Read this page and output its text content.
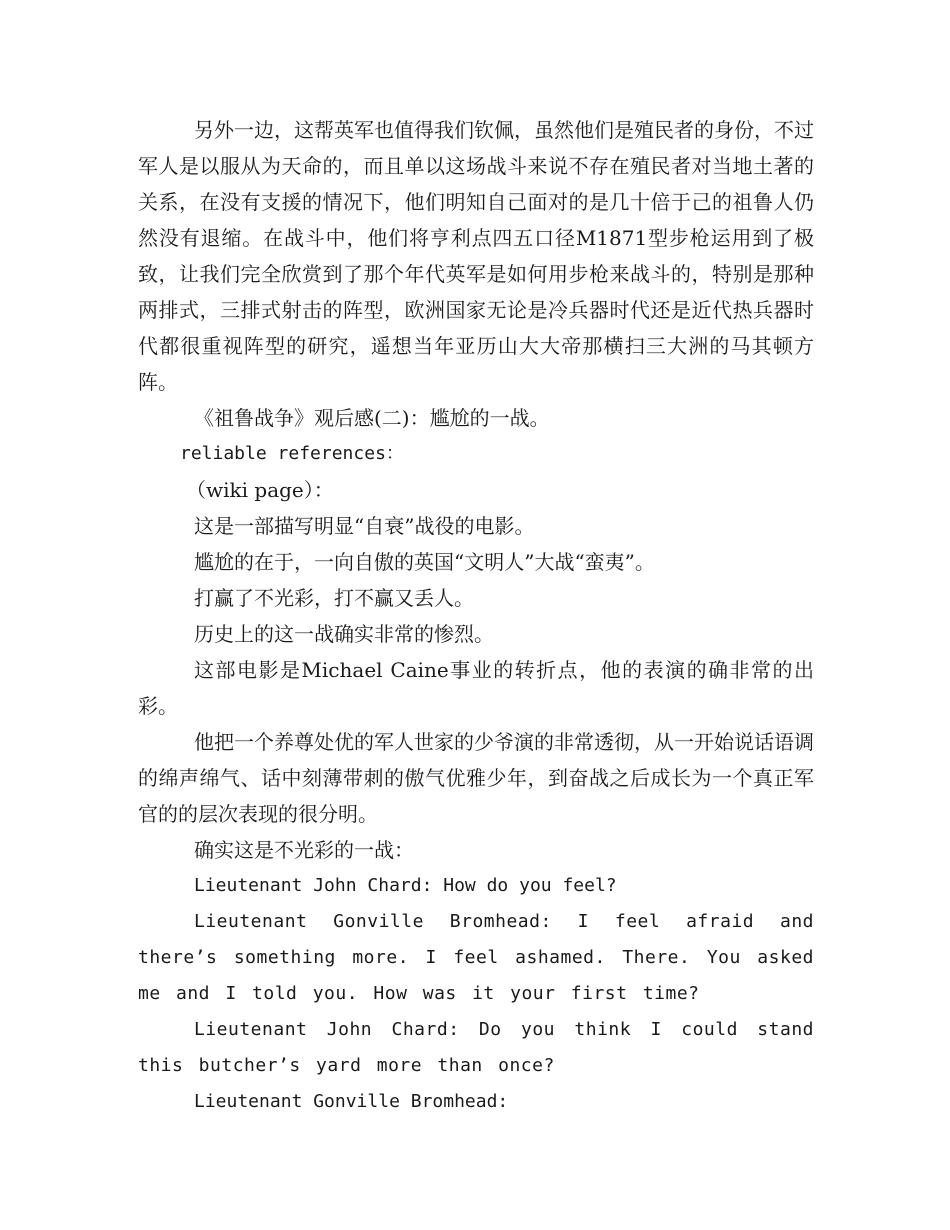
另外一边，这帮英军也值得我们钦佩，虽然他们是殖民者的身份，不过军人是以服从为天命的，而且单以这场战斗来说不存在殖民者对当地土著的关系，在没有支援的情况下，他们明知自己面对的是几十倍于己的祖鲁人仍然没有退缩。在战斗中，他们将亨利点四五口径M1871型步枪运用到了极致，让我们完全欣赏到了那个年代英军是如何用步枪来战斗的，特别是那种两排式，三排式射击的阵型，欧洲国家无论是冷兵器时代还是近代热兵器时代都很重视阵型的研究，遥想当年亚历山大大帝那横扫三大洲的马其顿方阵。

《祖鲁战争》观后感(二)：尴尬的一战。

reliable references：

（wiki page）：

这是一部描写明显“自衰”战役的电影。

尴尬的在于，一向自傲的英国“文明人”大战“蛮夷”。

打赢了不光彩，打不赢又丢人。

历史上的这一战确实非常的惨烈。

这部电影是Michael Caine事业的转折点，他的表演的确非常的出彩。

他把一个养尊处优的军人世家的少爷演的非常透彻，从一开始说话语调的绵声绵气、话中刻薄带刺的傲气优雅少年，到奋战之后成长为一个真正军官的的层次表现的很分明。

确实这是不光彩的一战：

Lieutenant John Chard: How do you feel?

Lieutenant Gonville Bromhead: I feel afraid and there’s something more. I feel ashamed. There. You asked me and I told you. How was it your first time?

Lieutenant John Chard: Do you think I could stand this butcher’s yard more than once?

Lieutenant Gonville Bromhead:
